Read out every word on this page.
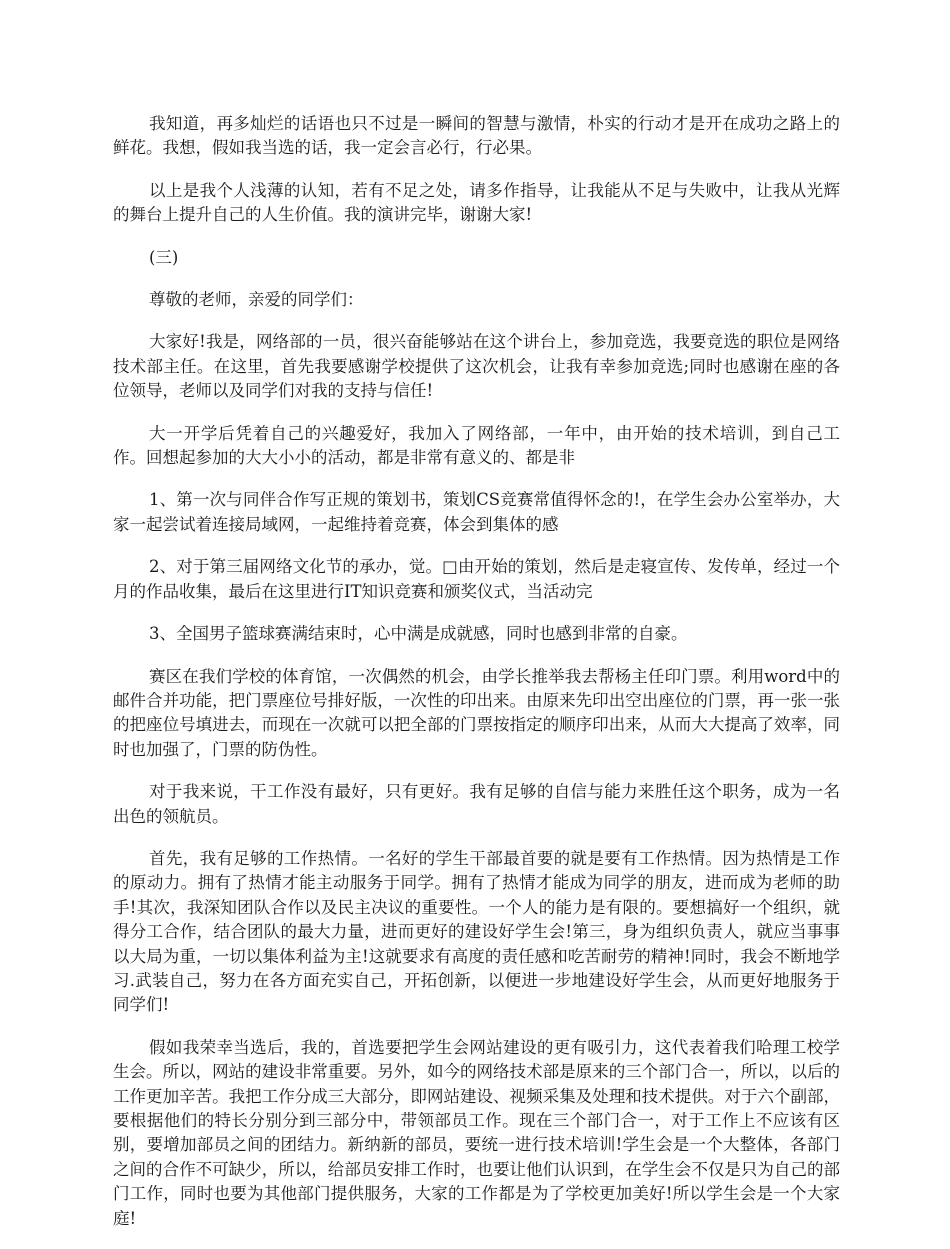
我知道，再多灿烂的话语也只不过是一瞬间的智慧与激情，朴实的行动才是开在成功之路上的鲜花。我想，假如我当选的话，我一定会言必行，行必果。

以上是我个人浅薄的认知，若有不足之处，请多作指导，让我能从不足与失败中，让我从光辉的舞台上提升自己的人生价值。我的演讲完毕，谢谢大家!

(三)

尊敬的老师，亲爱的同学们：

大家好!我是，网络部的一员，很兴奋能够站在这个讲台上，参加竞选，我要竞选的职位是网络技术部主任。在这里，首先我要感谢学校提供了这次机会，让我有幸参加竞选;同时也感谢在座的各位领导，老师以及同学们对我的支持与信任!

大一开学后凭着自己的兴趣爱好，我加入了网络部，一年中，由开始的技术培训，到自己工作。回想起参加的大大小小的活动，都是非常有意义的、都是非

1、第一次与同伴合作写正规的策划书，策划CS竞赛常值得怀念的!，在学生会办公室举办，大家一起尝试着连接局域网，一起维持着竞赛，体会到集体的感

2、对于第三届网络文化节的承办，觉。□由开始的策划，然后是走寝宣传、发传单，经过一个月的作品收集，最后在这里进行IT知识竞赛和颁奖仪式，当活动完

3、全国男子篮球赛满结束时，心中满是成就感，同时也感到非常的自豪。

赛区在我们学校的体育馆，一次偶然的机会，由学长推举我去帮杨主任印门票。利用word中的邮件合并功能，把门票座位号排好版，一次性的印出来。由原来先印出空出座位的门票，再一张一张的把座位号填进去，而现在一次就可以把全部的门票按指定的顺序印出来，从而大大提高了效率，同时也加强了，门票的防伪性。

对于我来说，干工作没有最好，只有更好。我有足够的自信与能力来胜任这个职务，成为一名出色的领航员。

首先，我有足够的工作热情。一名好的学生干部最首要的就是要有工作热情。因为热情是工作的原动力。拥有了热情才能主动服务于同学。拥有了热情才能成为同学的朋友，进而成为老师的助手!其次，我深知团队合作以及民主决议的重要性。一个人的能力是有限的。要想搞好一个组织，就得分工合作，结合团队的最大力量，进而更好的建设好学生会!第三，身为组织负责人，就应当事事以大局为重，一切以集体利益为主!这就要求有高度的责任感和吃苦耐劳的精神!同时，我会不断地学习.武装自己，努力在各方面充实自己，开拓创新，以便进一步地建设好学生会，从而更好地服务于同学们!

假如我荣幸当选后，我的，首选要把学生会网站建设的更有吸引力，这代表着我们哈理工校学生会。所以，网站的建设非常重要。另外，如今的网络技术部是原来的三个部门合一，所以，以后的工作更加辛苦。我把工作分成三大部分，即网站建设、视频采集及处理和技术提供。对于六个副部，要根据他们的特长分别分到三部分中，带领部员工作。现在三个部门合一，对于工作上不应该有区别，要增加部员之间的团结力。新纳新的部员，要统一进行技术培训!学生会是一个大整体，各部门之间的合作不可缺少，所以，给部员安排工作时，也要让他们认识到，在学生会不仅是只为自己的部门工作，同时也要为其他部门提供服务，大家的工作都是为了学校更加美好!所以学生会是一个大家庭!
